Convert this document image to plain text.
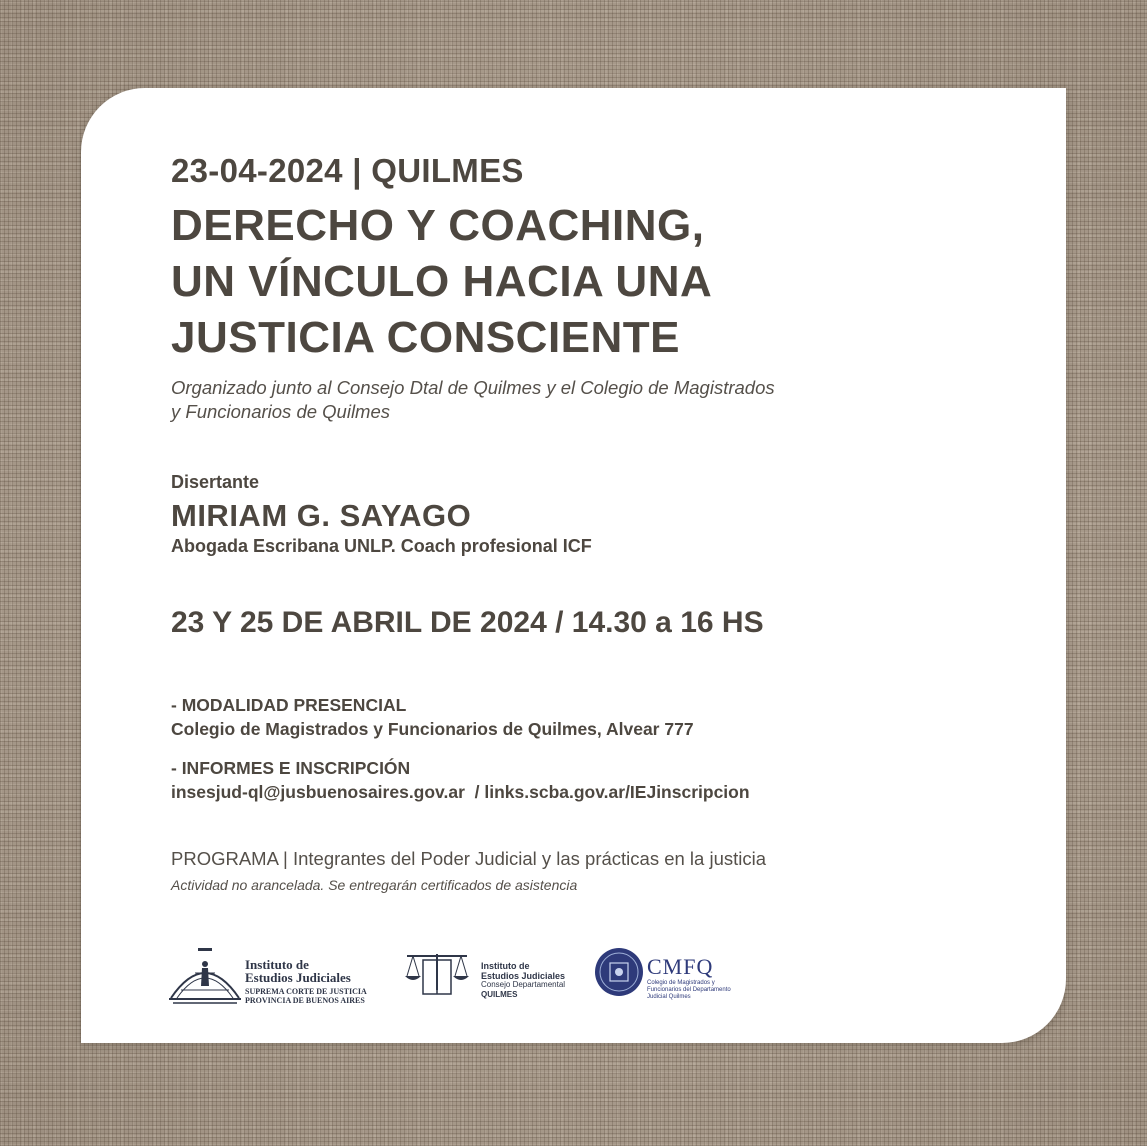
23-04-2024 | QUILMES
DERECHO Y COACHING,
UN VÍNCULO HACIA UNA
JUSTICIA CONSCIENTE
Organizado junto al Consejo Dtal de Quilmes y el Colegio de Magistrados
y Funcionarios de Quilmes
Disertante
MIRIAM G. SAYAGO
Abogada Escribana UNLP. Coach profesional ICF
23 Y 25 DE ABRIL DE 2024 / 14.30 a 16 HS
- MODALIDAD PRESENCIAL
Colegio de Magistrados y Funcionarios de Quilmes, Alvear 777
- INFORMES E INSCRIPCIÓN
insesjud-ql@jusbuenosaires.gov.ar  / links.scba.gov.ar/IEJinscripcion
PROGRAMA | Integrantes del Poder Judicial y las prácticas en la justicia
Actividad no arancelada. Se entregarán certificados de asistencia
Instituto de
Estudios Judiciales
SUPREMA CORTE DE JUSTICIA
PROVINCIA DE BUENOS AIRES
Instituto de
Estudios Judiciales
Consejo Departamental
QUILMES
CMFQ
Colegio de Magistrados y
Funcionarios del Departamento
Judicial Quilmes
